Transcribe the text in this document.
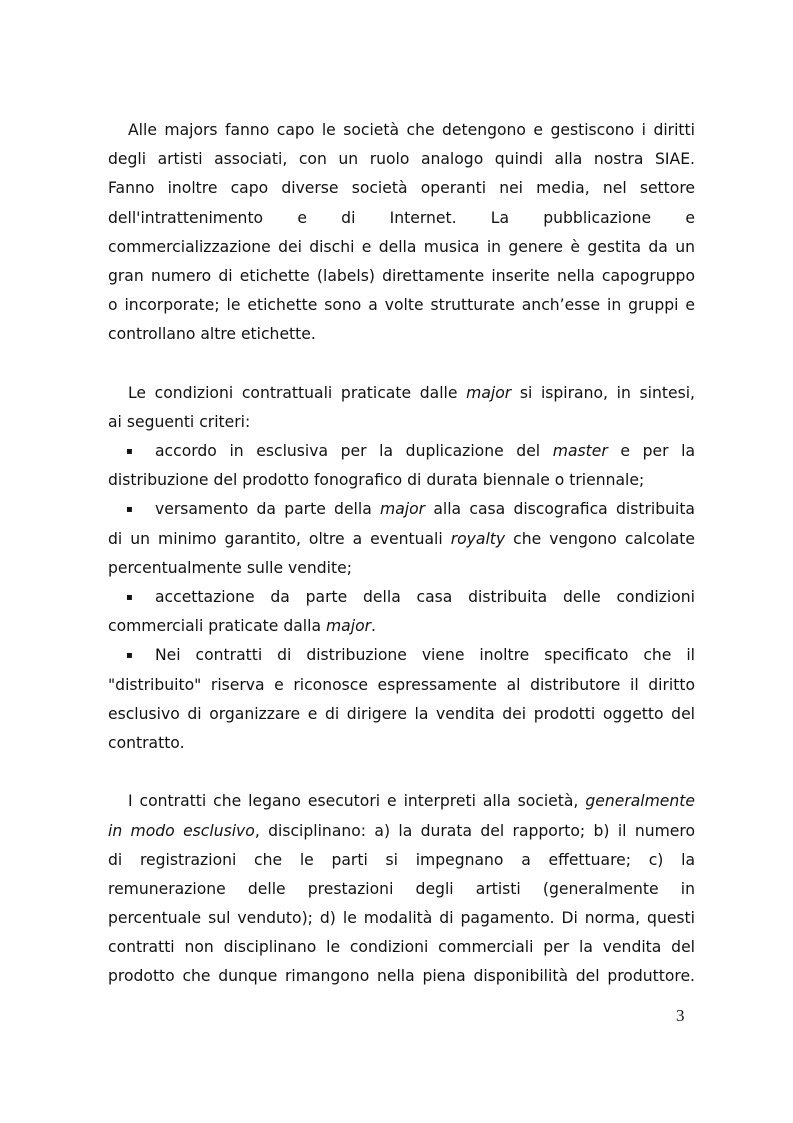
Alle majors fanno capo le società che detengono e gestiscono i diritti
degli artisti associati, con un ruolo analogo quindi alla nostra SIAE.
Fanno inoltre capo diverse società operanti nei media, nel settore
dell'intrattenimento e di Internet. La pubblicazione e
commercializzazione dei dischi e della musica in genere è gestita da un
gran numero di etichette (labels) direttamente inserite nella capogruppo
o incorporate; le etichette sono a volte strutturate anch’esse in gruppi e
controllano altre etichette.
Le condizioni contrattuali praticate dalle major si ispirano, in sintesi,
ai seguenti criteri:
▪ accordo in esclusiva per la duplicazione del master e per la
distribuzione del prodotto fonografico di durata biennale o triennale;
▪ versamento da parte della major alla casa discografica distribuita
di un minimo garantito, oltre a eventuali royalty che vengono calcolate
percentualmente sulle vendite;
▪ accettazione da parte della casa distribuita delle condizioni
commerciali praticate dalla major.
▪ Nei contratti di distribuzione viene inoltre specificato che il
"distribuito" riserva e riconosce espressamente al distributore il diritto
esclusivo di organizzare e di dirigere la vendita dei prodotti oggetto del
contratto.
I contratti che legano esecutori e interpreti alla società, generalmente
in modo esclusivo, disciplinano: a) la durata del rapporto; b) il numero
di registrazioni che le parti si impegnano a effettuare; c) la
remunerazione delle prestazioni degli artisti (generalmente in
percentuale sul venduto); d) le modalità di pagamento. Di norma, questi
contratti non disciplinano le condizioni commerciali per la vendita del
prodotto che dunque rimangono nella piena disponibilità del produttore.
3
